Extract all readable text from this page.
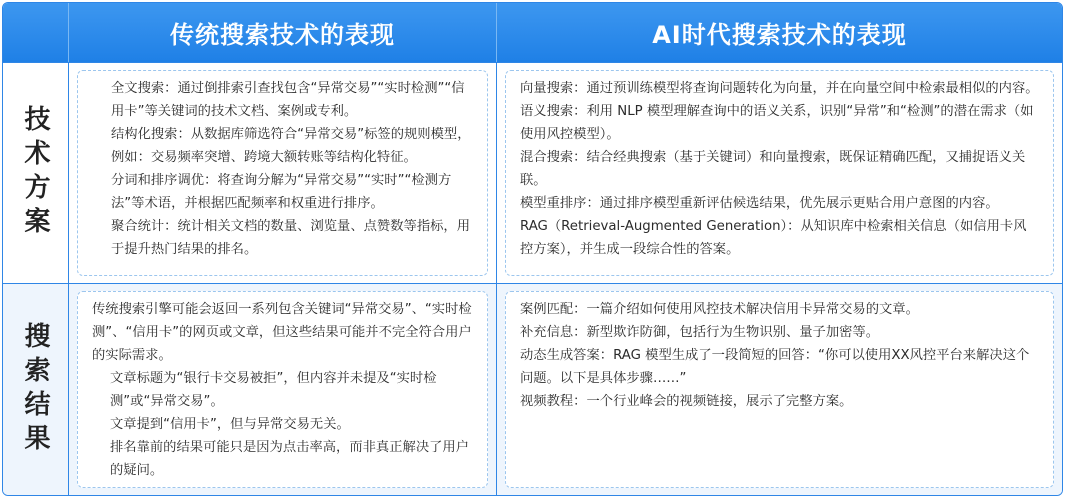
传统搜索技术的表现	AI时代搜索技术的表现
技术方案

全文搜索：通过倒排索引查找包含“异常交易”“实时检测”“信用卡”等关键词的技术文档、案例或专利。

结构化搜索：从数据库筛选符合“异常交易”标签的规则模型，例如：交易频率突增、跨境大额转账等结构化特征。

分词和排序调优：将查询分解为“异常交易”“实时”“检测方法”等术语，并根据匹配频率和权重进行排序。

聚合统计：统计相关文档的数量、浏览量、点赞数等指标，用于提升热门结果的排名。

向量搜索：通过预训练模型将查询问题转化为向量，并在向量空间中检索最相似的内容。

语义搜索：利用 NLP 模型理解查询中的语义关系，识别“异常”和“检测”的潜在需求（如使用风控模型）。

混合搜索：结合经典搜索（基于关键词）和向量搜索，既保证精确匹配，又捕捉语义关联。

模型重排序：通过排序模型重新评估候选结果，优先展示更贴合用户意图的内容。

RAG（Retrieval-Augmented Generation）：从知识库中检索相关信息（如信用卡风控方案），并生成一段综合性的答案。

搜索结果

传统搜索引擎可能会返回一系列包含关键词“异常交易”、“实时检测”、“信用卡”的网页或文章，但这些结果可能并不完全符合用户的实际需求。

文章标题为“银行卡交易被拒”，但内容并未提及“实时检测”或“异常交易”。

文章提到“信用卡”，但与异常交易无关。

排名靠前的结果可能只是因为点击率高，而非真正解决了用户的疑问。

案例匹配：一篇介绍如何使用风控技术解决信用卡异常交易的文章。

补充信息：新型欺诈防御，包括行为生物识别、量子加密等。

动态生成答案：RAG 模型生成了一段简短的回答：“你可以使用XX风控平台来解决这个问题。以下是具体步骤……”

视频教程：一个行业峰会的视频链接，展示了完整方案。
